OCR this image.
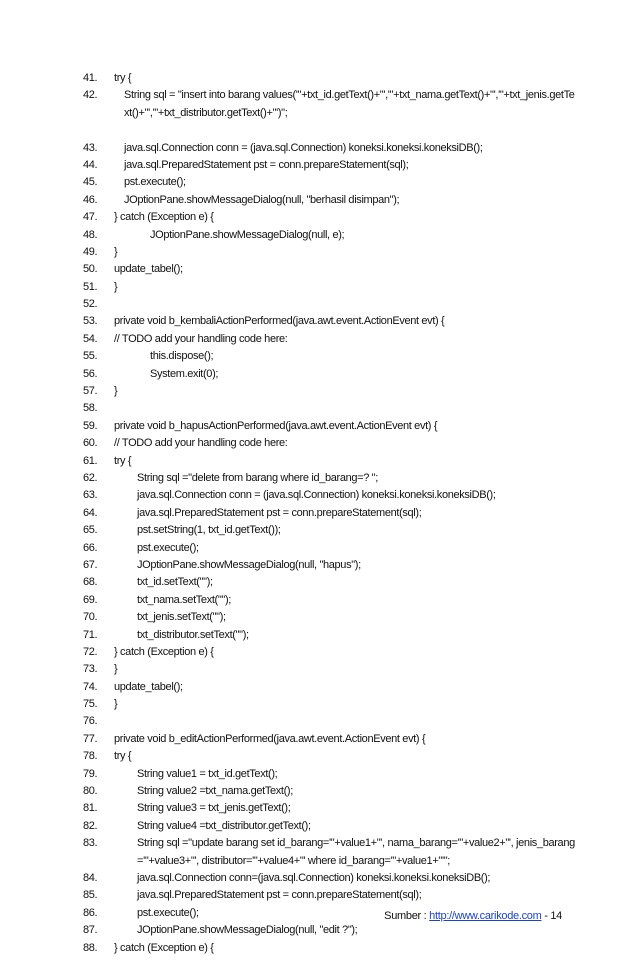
41.	try {
42.	String sql = "insert into barang values('"+txt_id.getText()+"','"+txt_nama.getText()+"','"+txt_jenis.getText()+"','"+txt_distributor.getText()+"')";
43.	java.sql.Connection conn = (java.sql.Connection) koneksi.koneksi.koneksiDB();
44.	java.sql.PreparedStatement pst = conn.prepareStatement(sql);
45.	pst.execute();
46.	JOptionPane.showMessageDialog(null, "berhasil disimpan");
47.	} catch (Exception e) {
48.	JOptionPane.showMessageDialog(null, e);
49.	}
50.	update_tabel();
51.	}
52.
53.	private void b_kembaliActionPerformed(java.awt.event.ActionEvent evt) {
54.	// TODO add your handling code here:
55.	this.dispose();
56.	System.exit(0);
57.	}
58.
59.	private void b_hapusActionPerformed(java.awt.event.ActionEvent evt) {
60.	// TODO add your handling code here:
61.	try {
62.	String sql ="delete from barang where id_barang=? ";
63.	java.sql.Connection conn = (java.sql.Connection) koneksi.koneksi.koneksiDB();
64.	java.sql.PreparedStatement pst = conn.prepareStatement(sql);
65.	pst.setString(1, txt_id.getText());
66.	pst.execute();
67.	JOptionPane.showMessageDialog(null, "hapus");
68.	txt_id.setText("");
69.	txt_nama.setText("");
70.	txt_jenis.setText("");
71.	txt_distributor.setText("");
72.	} catch (Exception e) {
73.	}
74.	update_tabel();
75.	}
76.
77.	private void b_editActionPerformed(java.awt.event.ActionEvent evt) {
78.	try {
79.	String value1 = txt_id.getText();
80.	String value2 =txt_nama.getText();
81.	String value3 = txt_jenis.getText();
82.	String value4 =txt_distributor.getText();
83.	String sql ="update barang set id_barang='"+value1+"', nama_barang='"+value2+"', jenis_barang='"+value3+"', distributor='"+value4+"' where id_barang='"+value1+"'";
84.	java.sql.Connection conn=(java.sql.Connection) koneksi.koneksi.koneksiDB();
85.	java.sql.PreparedStatement pst = conn.prepareStatement(sql);
86.	pst.execute();
87.	JOptionPane.showMessageDialog(null, "edit ?");
88.	} catch (Exception e) {
Sumber : http://www.carikode.com - 14
